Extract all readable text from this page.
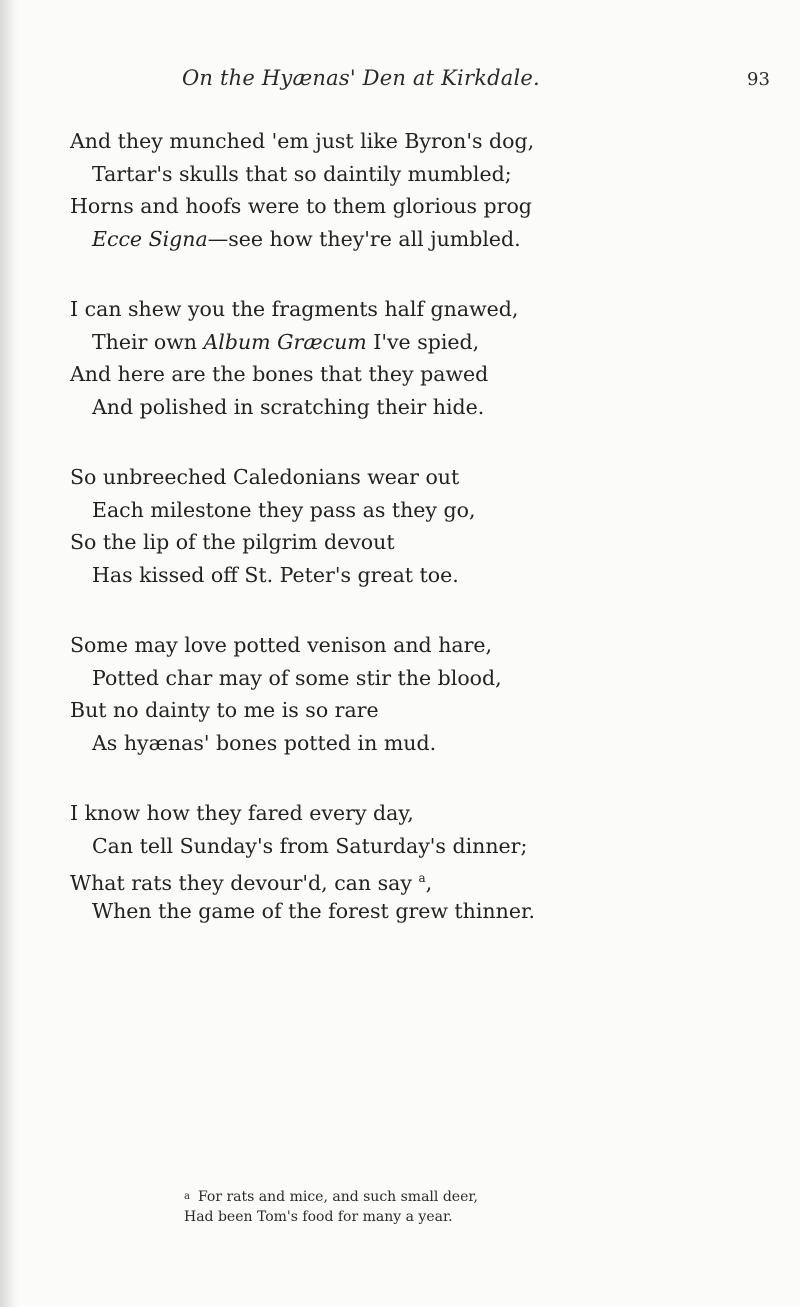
On the Hyænas' Den at Kirkdale.	93
And they munched 'em just like Byron's dog,
Tartar's skulls that so daintily mumbled;
Horns and hoofs were to them glorious prog
Ecce Signa—see how they're all jumbled.
I can shew you the fragments half gnawed,
Their own Album Græcum I've spied,
And here are the bones that they pawed
And polished in scratching their hide.
So unbreeched Caledonians wear out
Each milestone they pass as they go,
So the lip of the pilgrim devout
Has kissed off St. Peter's great toe.
Some may love potted venison and hare,
Potted char may of some stir the blood,
But no dainty to me is so rare
As hyænas' bones potted in mud.
I know how they fared every day,
Can tell Sunday's from Saturday's dinner;
What rats they devour'd, can say $^a$,
When the game of the forest grew thinner.
a For rats and mice, and such small deer,
Had been Tom's food for many a year.
